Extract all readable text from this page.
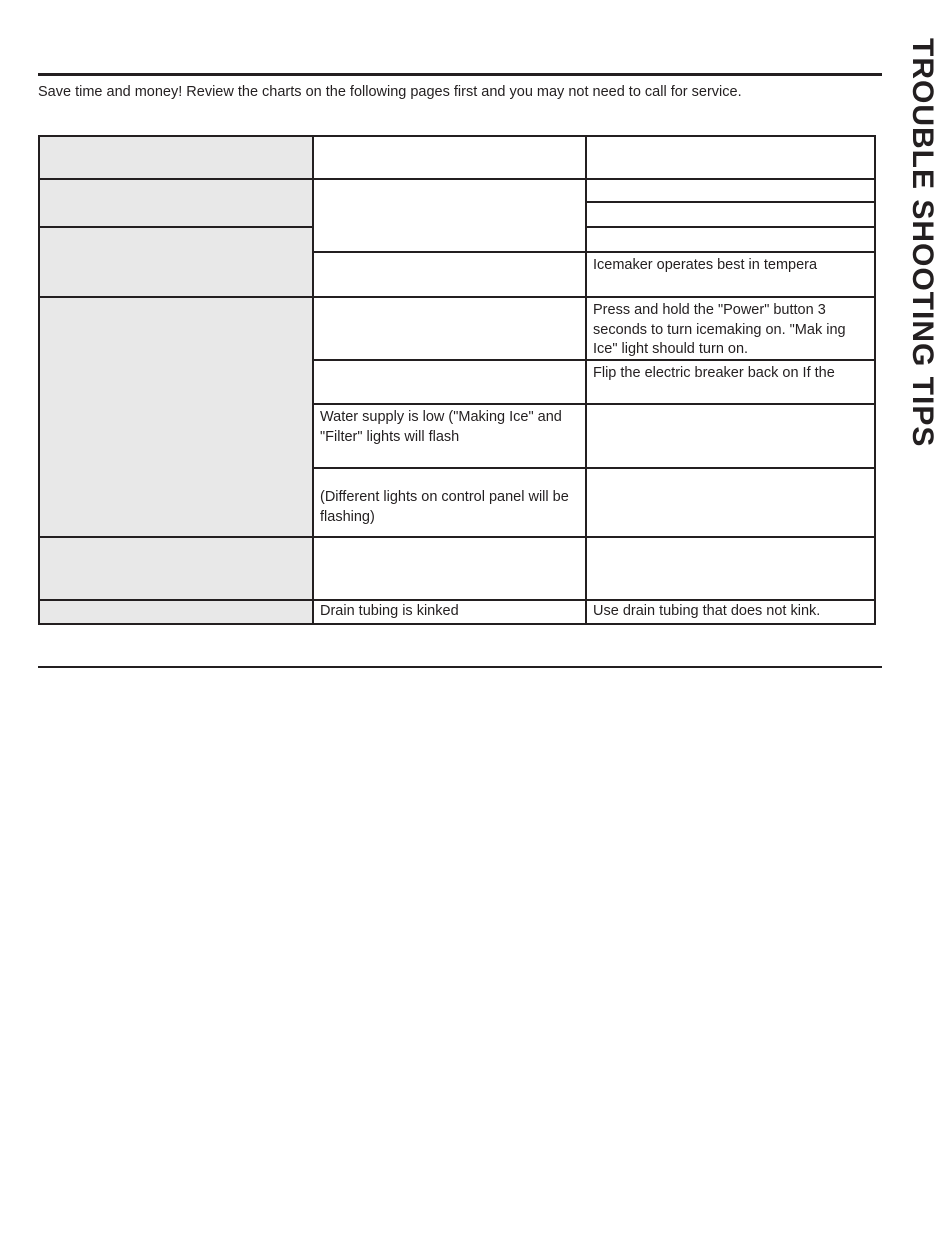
Save time and money! Review the charts on the following pages first and you may not need to call for service.	TROUBLE SHOOTING TIPS
Water supply is low ("Making Ice" and "Filter" lights will flash
(Different lights on control panel will be flashing)
Drain tubing is kinked
Icemaker operates best in tempera
Press and hold the "Power" button 3 seconds to turn icemaking on. "Mak ing Ice" light should turn on.
Flip the electric breaker back on If the
Use drain tubing that does not kink.
